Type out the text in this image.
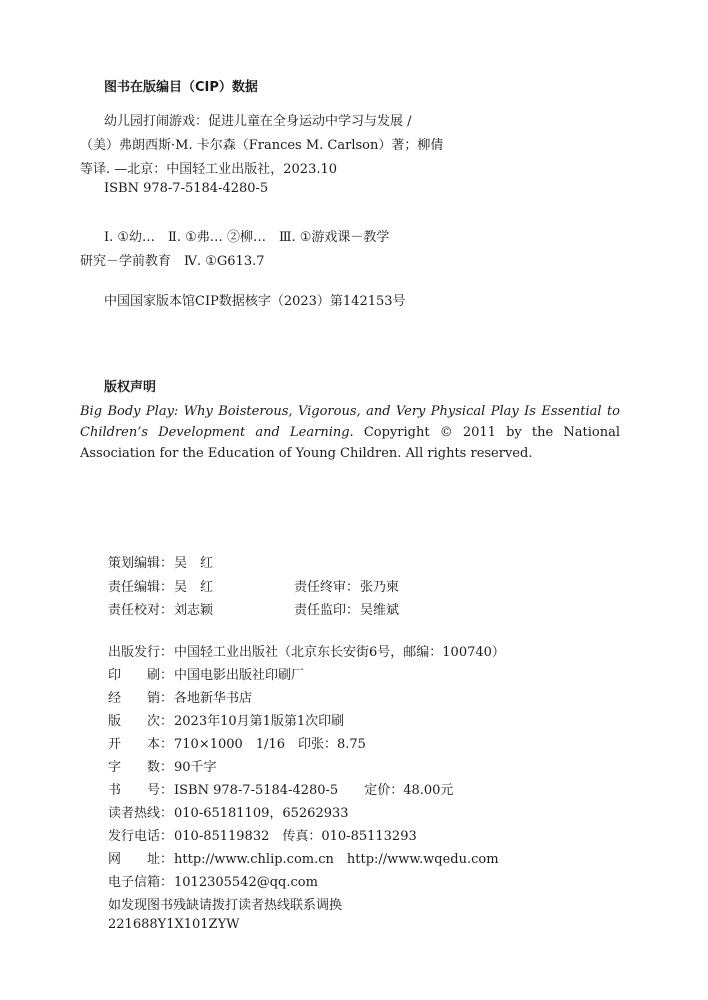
图书在版编目（CIP）数据
幼儿园打闹游戏：促进儿童在全身运动中学习与发展 /
（美）弗朗西斯·M. 卡尔森（Frances M. Carlson）著；柳倩
等译. —北京：中国轻工业出版社，2023.10
ISBN 978-7-5184-4280-5
Ⅰ. ①幼…　Ⅱ. ①弗… ②柳…　Ⅲ. ①游戏课－教学
研究－学前教育　Ⅳ. ①G613.7
中国国家版本馆CIP数据核字（2023）第142153号
版权声明

Big Body Play: Why Boisterous, Vigorous, and Very Physical Play Is Essential to Children’s Development and Learning. Copyright © 2011 by the National Association for the Education of Young Children. All rights reserved.

策划编辑：吴　红
责任编辑：吴　红	责任终审：张乃柬
责任校对：刘志颖	责任监印：吴维斌
出版发行：中国轻工业出版社（北京东长安街6号，邮编：100740）
印　　刷：中国电影出版社印刷厂
经　　销：各地新华书店
版　　次：2023年10月第1版第1次印刷
开　　本：710×1000　1/16　印张：8.75
字　　数：90千字
书　　号：ISBN 978-7-5184-4280-5　　定价：48.00元
读者热线：010-65181109，65262933
发行电话：010-85119832　传真：010-85113293
网　　址：http://www.chlip.com.cn　http://www.wqedu.com
电子信箱：1012305542@qq.com
如发现图书残缺请拨打读者热线联系调换
221688Y1X101ZYW
